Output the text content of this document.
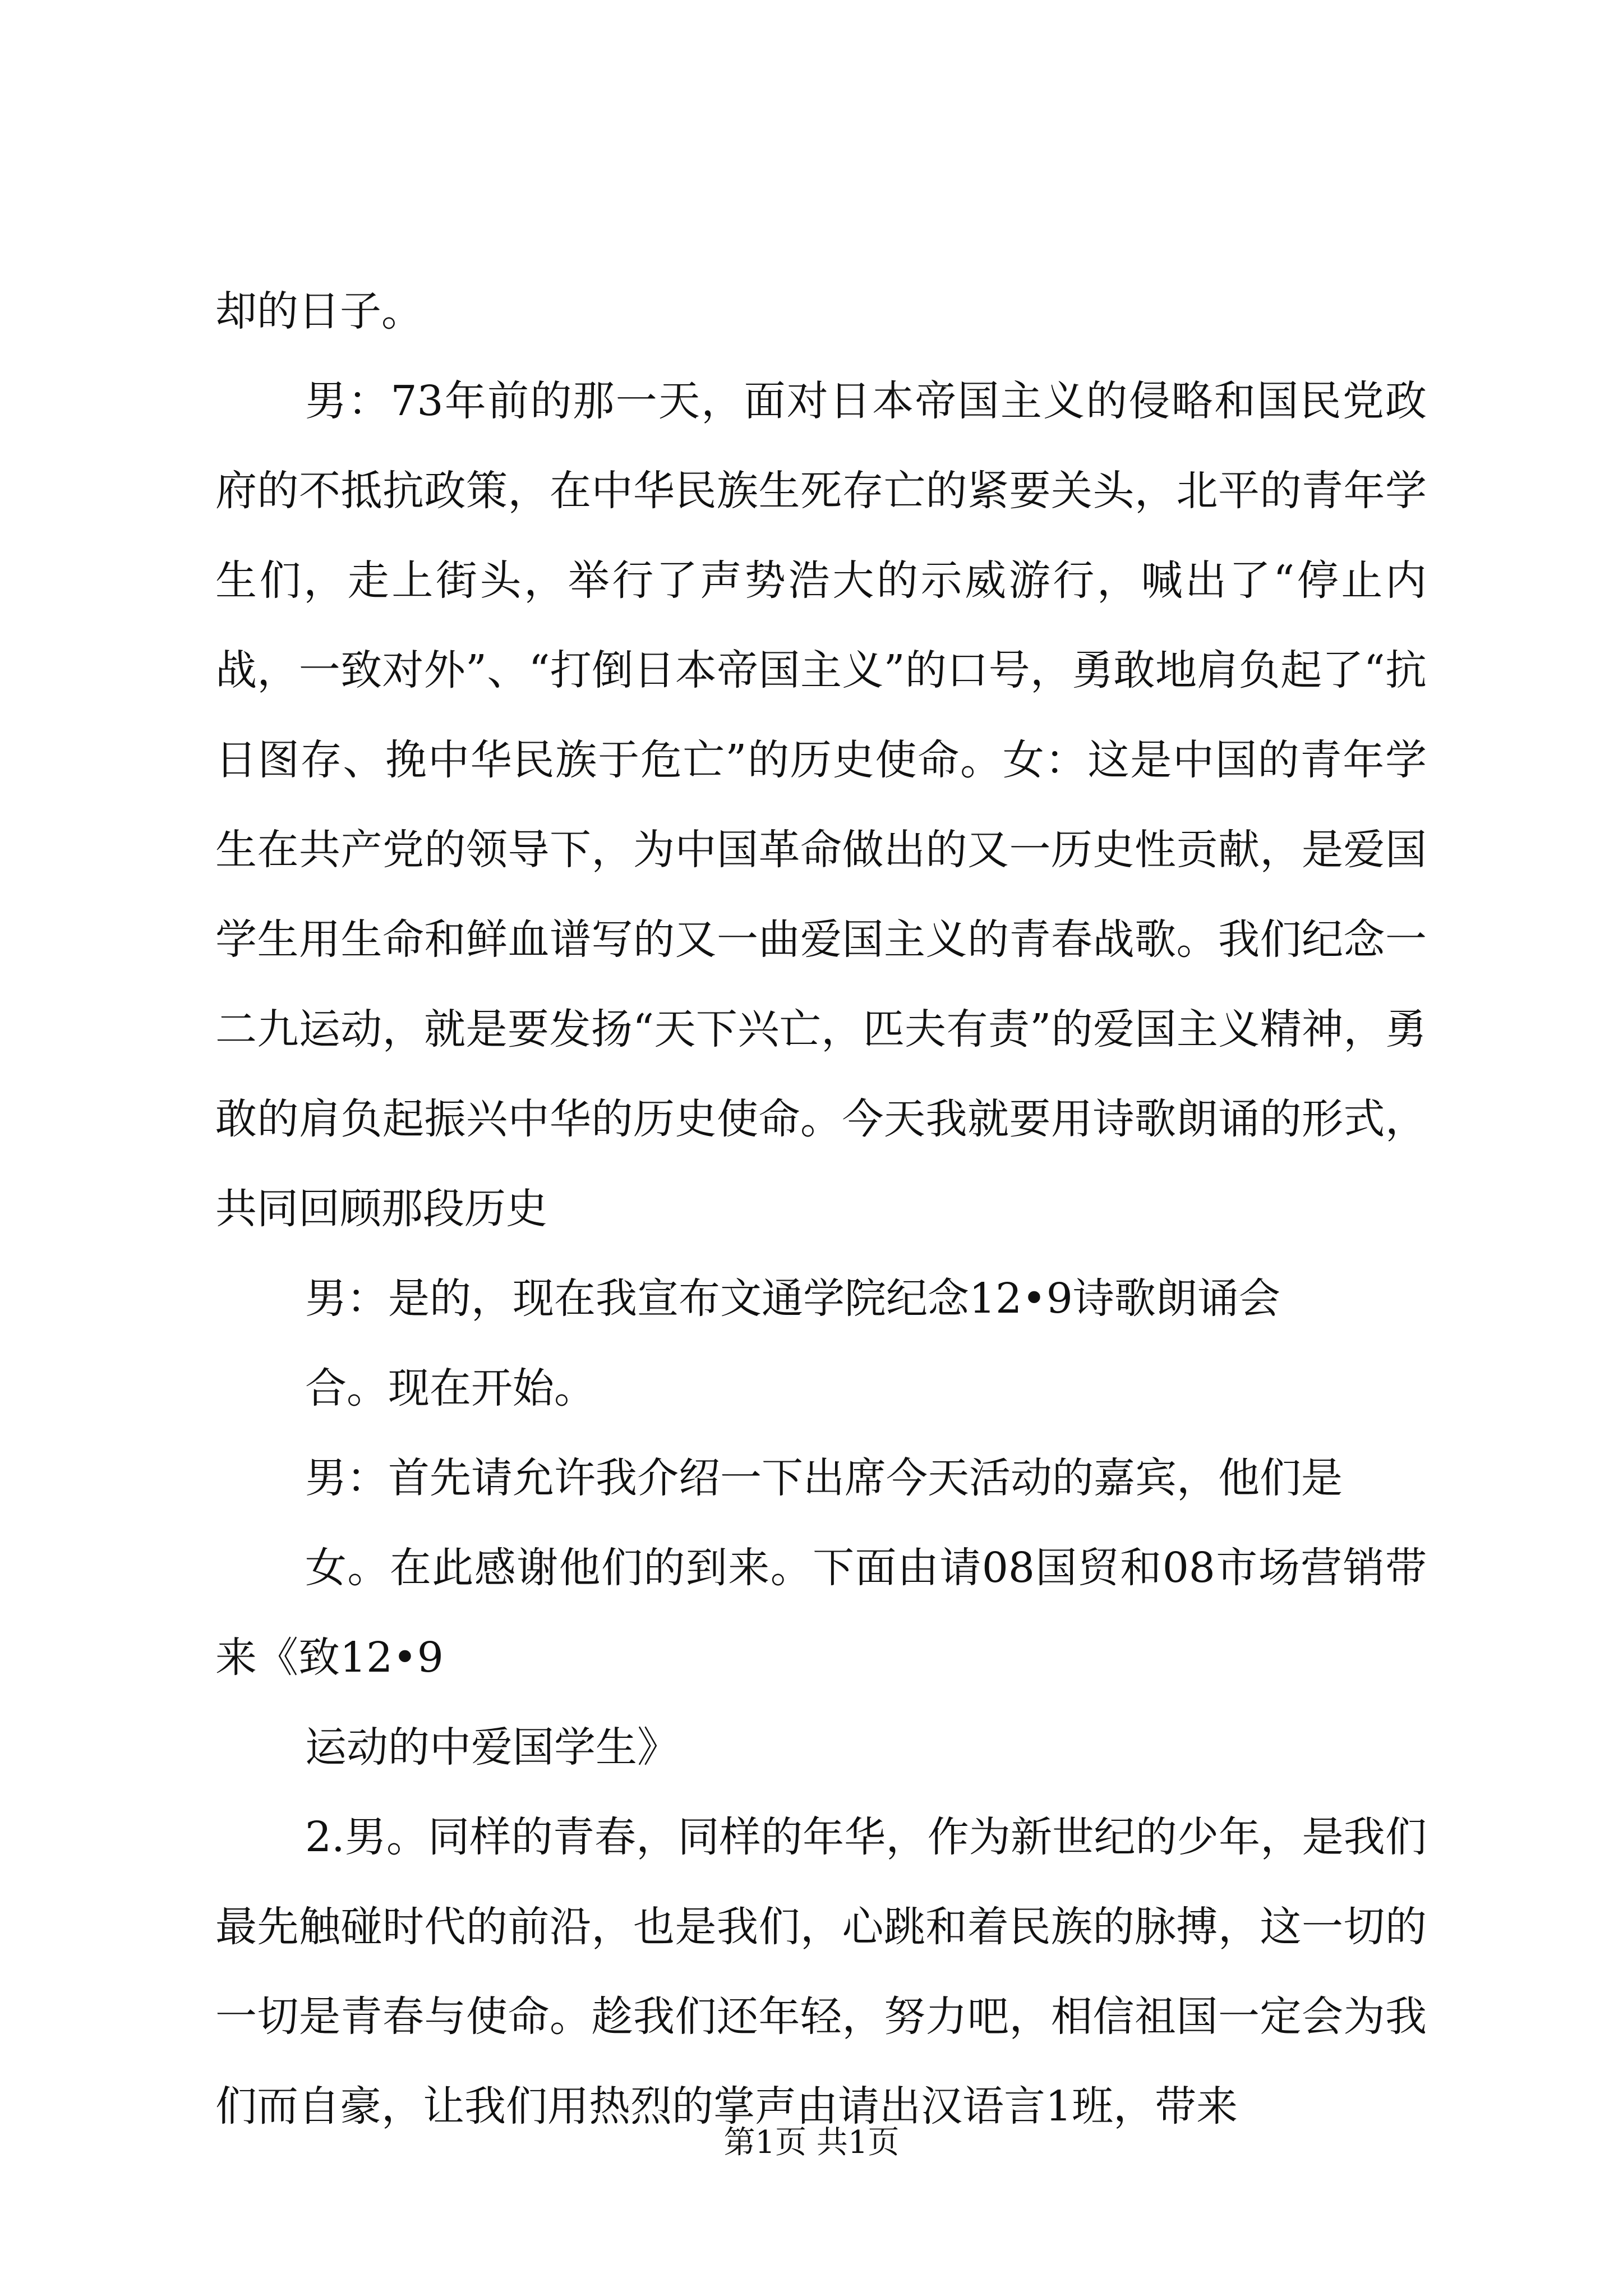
却的日子。

男：73年前的那一天，面对日本帝国主义的侵略和国民党政府的不抵抗政策，在中华民族生死存亡的紧要关头，北平的青年学生们，走上街头，举行了声势浩大的示威游行，喊出了“停止内战，一致对外”、“打倒日本帝国主义”的口号，勇敢地肩负起了“抗日图存、挽中华民族于危亡”的历史使命。女：这是中国的青年学生在共产党的领导下，为中国革命做出的又一历史性贡献，是爱国学生用生命和鲜血谱写的又一曲爱国主义的青春战歌。我们纪念一二九运动，就是要发扬“天下兴亡，匹夫有责”的爱国主义精神，勇敢的肩负起振兴中华的历史使命。今天我就要用诗歌朗诵的形式，共同回顾那段历史

男：是的，现在我宣布文通学院纪念12•9诗歌朗诵会

合。现在开始。

男：首先请允许我介绍一下出席今天活动的嘉宾，他们是

女。在此感谢他们的到来。下面由请08国贸和08市场营销带来《致12•9

运动的中爱国学生》

2.男。同样的青春，同样的年华，作为新世纪的少年，是我们最先触碰时代的前沿，也是我们，心跳和着民族的脉搏，这一切的一切是青春与使命。趁我们还年轻，努力吧，相信祖国一定会为我们而自豪，让我们用热烈的掌声由请出汉语言1班，带来

第1页 共1页
